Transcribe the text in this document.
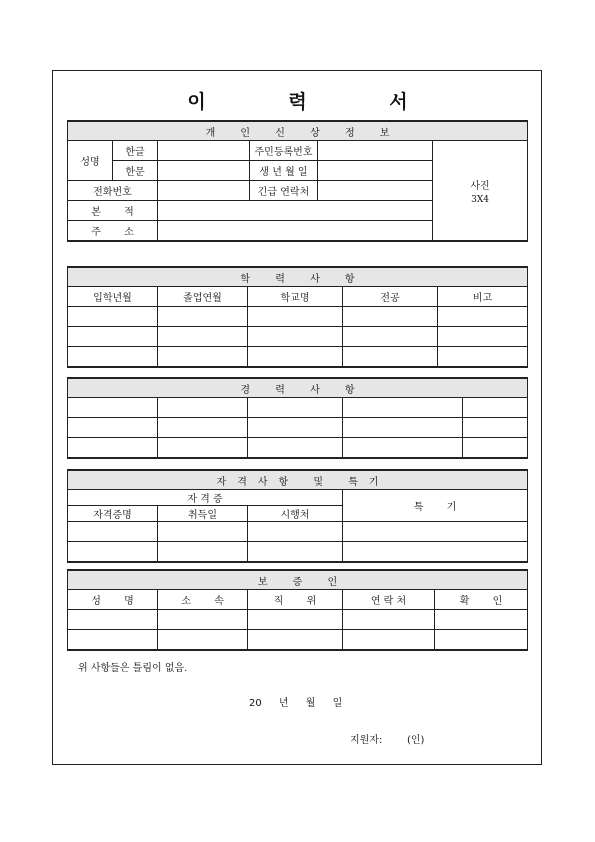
이 력 서
개 인 신 상 정 보					
성명	한글		주민등록번호		사진
3X4

	한문		생 년 월 일		
전화번호			긴급 연락처		
본 적					
주 소					
학 력 사 항				
입학년월	졸업연월	학교명	전공	비고

경 력 사 항				

자격사항 및 특기			
자 격 증			특 기
자격증명	취득일	시행처	

보 증 인				
성 명	소 속	직 위	연 락 처	확 인

위 사항들은 틀림이 없음.
20 년 월 일
지원자: (인)
